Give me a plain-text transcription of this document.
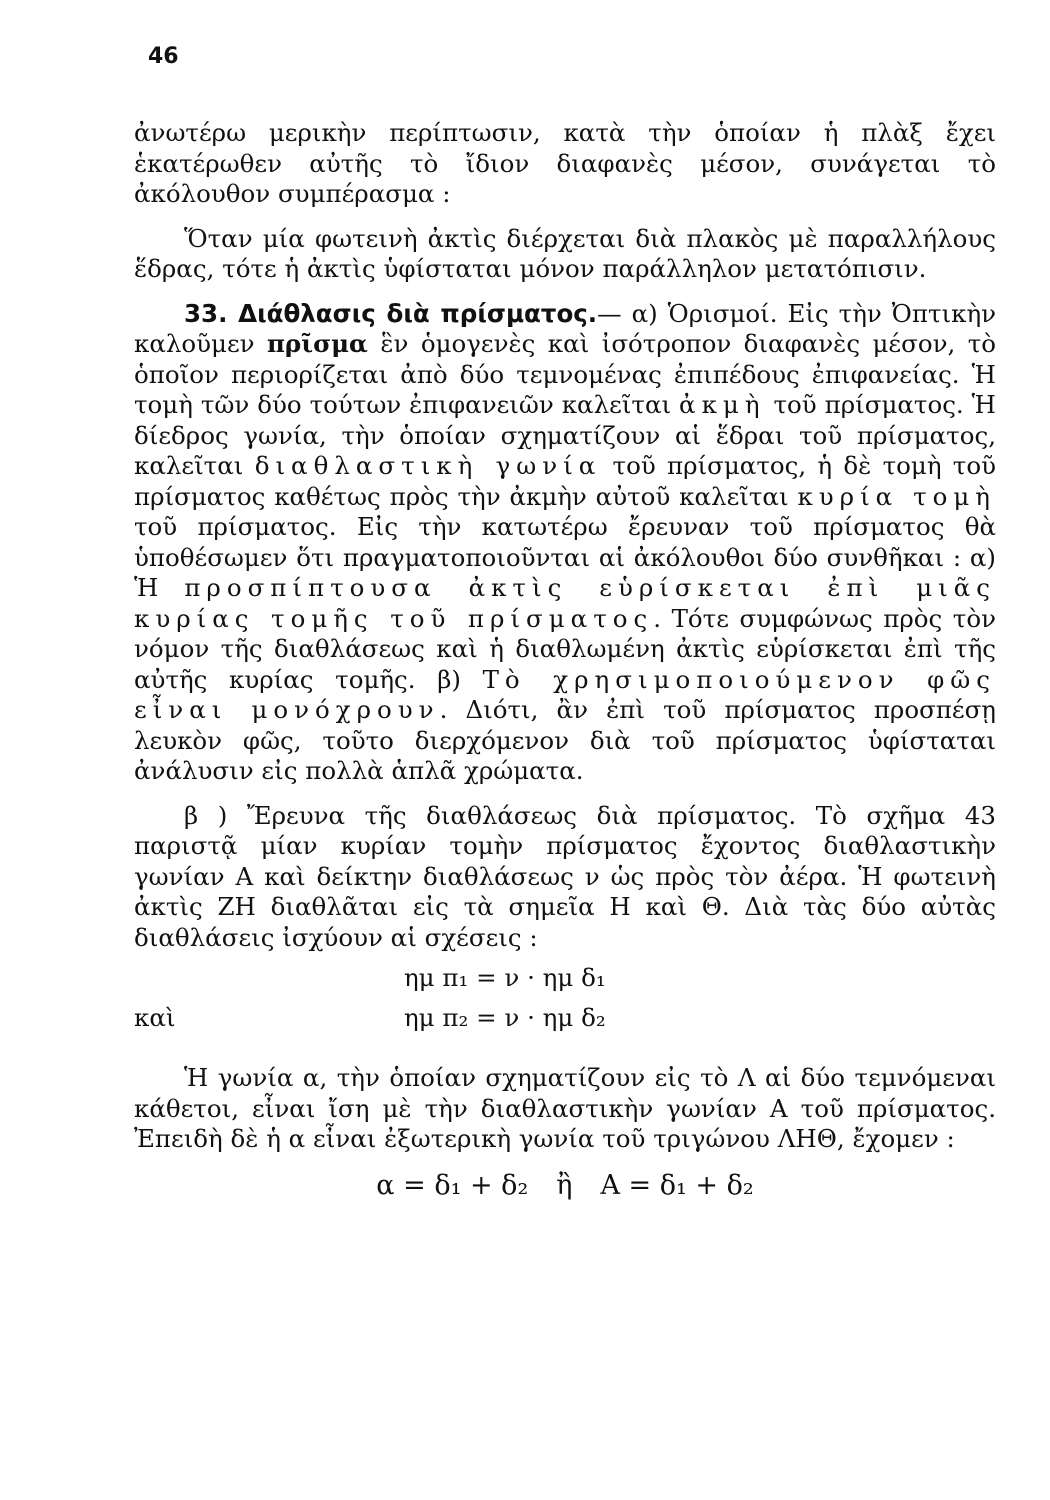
46

ἀνωτέρω μερικὴν περίπτωσιν, κατὰ τὴν ὁποίαν ἡ πλὰξ ἔχει ἑκατέρωθεν αὐτῆς τὸ ἴδιον διαφανὲς μέσον, συνάγεται τὸ ἀκόλουθον συμπέρασμα :

Ὅταν μία φωτεινὴ ἀκτὶς διέρχεται διὰ πλακὸς μὲ παραλλήλους ἕδρας, τότε ἡ ἀκτὶς ὑφίσταται μόνον παράλληλον μετατόπισιν.

33. Διάθλασις διὰ πρίσματος.— α) Ὁρισμοί. Εἰς τὴν Ὀπτικὴν καλοῦμεν πρῖσμα ἓν ὁμογενὲς καὶ ἰσότροπον διαφανὲς μέσον, τὸ ὁποῖον περιορίζεται ἀπὸ δύο τεμνομένας ἐπιπέδους ἐπιφανείας. Ἡ τομὴ τῶν δύο τούτων ἐπιφανειῶν καλεῖται ἀκμὴ τοῦ πρίσματος. Ἡ δίεδρος γωνία, τὴν ὁποίαν σχηματίζουν αἱ ἕδραι τοῦ πρίσματος, καλεῖται διαθλαστικὴ γωνία τοῦ πρίσματος, ἡ δὲ τομὴ τοῦ πρίσματος καθέτως πρὸς τὴν ἀκμὴν αὐτοῦ καλεῖται κυρία τομὴ τοῦ πρίσματος. Εἰς τὴν κατωτέρω ἔρευναν τοῦ πρίσματος θὰ ὑποθέσωμεν ὅτι πραγματοποιοῦνται αἱ ἀκόλουθοι δύο συνθῆκαι : α) Ἡ προσπίπτουσα ἀκτὶς εὑρίσκεται ἐπὶ μιᾶς κυρίας τομῆς τοῦ πρίσματος. Τότε συμφώνως πρὸς τὸν νόμον τῆς διαθλάσεως καὶ ἡ διαθλωμένη ἀκτὶς εὑρίσκεται ἐπὶ τῆς αὐτῆς κυρίας τομῆς. β) Τὸ χρησιμοποιούμενον φῶς εἶναι μονόχρουν. Διότι, ἂν ἐπὶ τοῦ πρίσματος προσπέσῃ λευκὸν φῶς, τοῦτο διερχόμενον διὰ τοῦ πρίσματος ὑφίσταται ἀνάλυσιν εἰς πολλὰ ἁπλᾶ χρώματα.

β ) Ἔρευνα τῆς διαθλάσεως διὰ πρίσματος. Τὸ σχῆμα 43 παριστᾷ μίαν κυρίαν τομὴν πρίσματος ἔχοντος διαθλαστικὴν γωνίαν Α καὶ δείκτην διαθλάσεως ν ὡς πρὸς τὸν ἀέρα. Ἡ φωτεινὴ ἀκτὶς ΖΗ διαθλᾶται εἰς τὰ σημεῖα Η καὶ Θ. Διὰ τὰς δύο αὐτὰς διαθλάσεις ἰσχύουν αἱ σχέσεις :

ημ π₁ = ν · ημ δ₁
καὶ	ημ π₂ = ν · ημ δ₂

Ἡ γωνία α, τὴν ὁποίαν σχηματίζουν εἰς τὸ Λ αἱ δύο τεμνόμεναι κάθετοι, εἶναι ἴση μὲ τὴν διαθλαστικὴν γωνίαν Α τοῦ πρίσματος. Ἐπειδὴ δὲ ἡ α εἶναι ἐξωτερικὴ γωνία τοῦ τριγώνου ΛΗΘ, ἔχομεν :

α = δ₁ + δ₂ ἢ Α = δ₁ + δ₂
